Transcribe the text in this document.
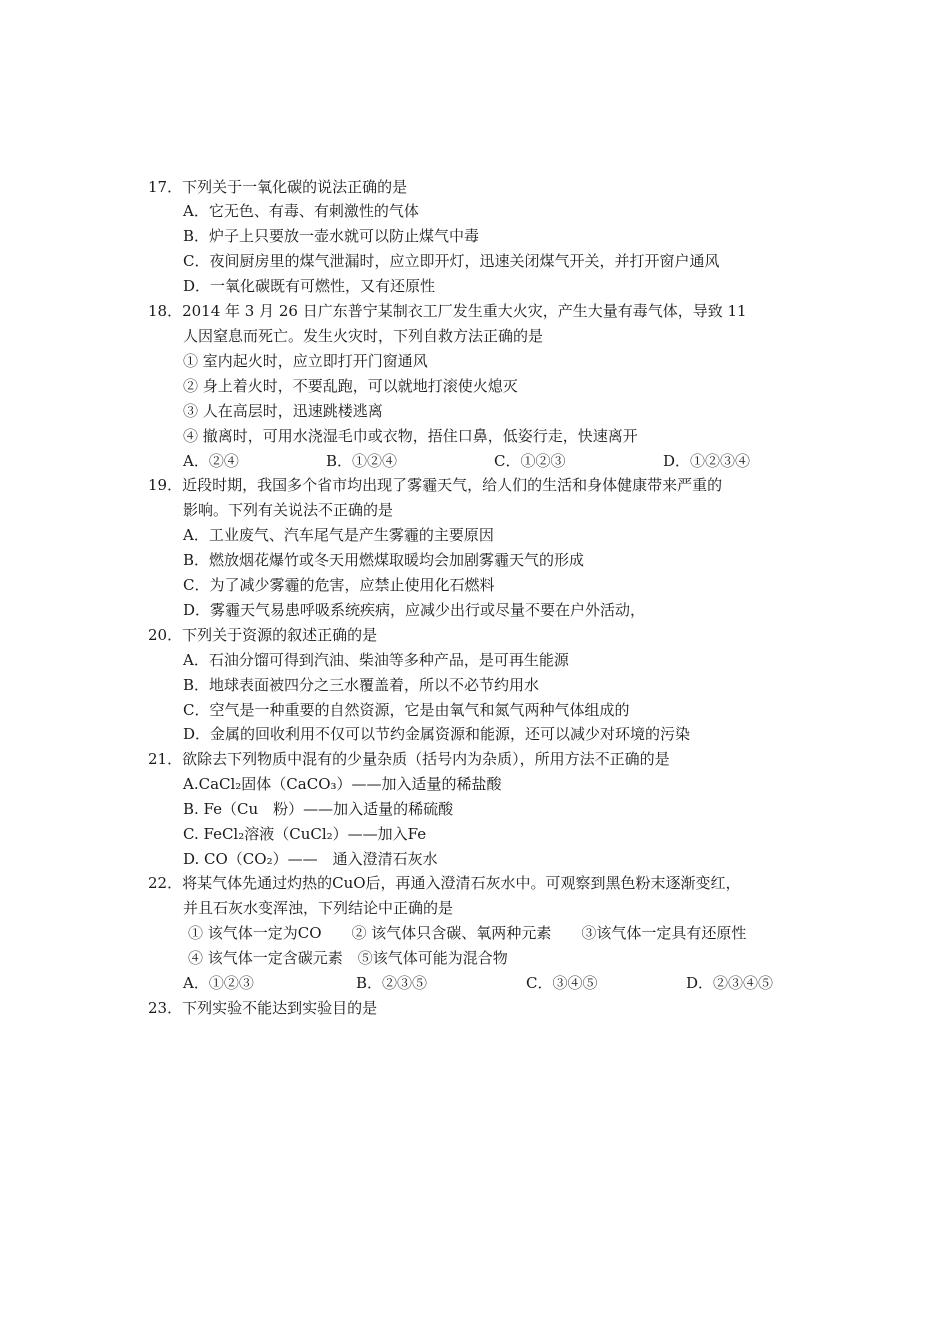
17．下列关于一氧化碳的说法正确的是
A．它无色、有毒、有刺激性的气体
B．炉子上只要放一壶水就可以防止煤气中毒
C．夜间厨房里的煤气泄漏时，应立即开灯，迅速关闭煤气开关，并打开窗户通风
D．一氧化碳既有可燃性，又有还原性
18．2014 年 3 月 26 日广东普宁某制衣工厂发生重大火灾，产生大量有毒气体，导致 11
人因窒息而死亡。发生火灾时，下列自救方法正确的是
① 室内起火时，应立即打开门窗通风
② 身上着火时，不要乱跑，可以就地打滚使火熄灭
③ 人在高层时，迅速跳楼逃离
④ 撤离时，可用水浇湿毛巾或衣物，捂住口鼻，低姿行走，快速离开
A．②④	B．①②④	C．①②③	D．①②③④
19．近段时期，我国多个省市均出现了雾霾天气，给人们的生活和身体健康带来严重的
影响。下列有关说法不正确的是
A．工业废气、汽车尾气是产生雾霾的主要原因
B．燃放烟花爆竹或冬天用燃煤取暖均会加剧雾霾天气的形成
C．为了减少雾霾的危害，应禁止使用化石燃料
D．雾霾天气易患呼吸系统疾病，应减少出行或尽量不要在户外活动，
20．下列关于资源的叙述正确的是
A．石油分馏可得到汽油、柴油等多种产品，是可再生能源
B．地球表面被四分之三水覆盖着，所以不必节约用水
C．空气是一种重要的自然资源，它是由氧气和氮气两种气体组成的
D．金属的回收利用不仅可以节约金属资源和能源，还可以减少对环境的污染
21．欲除去下列物质中混有的少量杂质（括号内为杂质），所用方法不正确的是
A.CaCl₂固体（CaCO₃）——加入适量的稀盐酸
B. Fe（Cu　粉）——加入适量的稀硫酸
C. FeCl₂溶液（CuCl₂）——加入Fe
D. CO（CO₂）——　通入澄清石灰水
22．将某气体先通过灼热的CuO后，再通入澄清石灰水中。可观察到黑色粉末逐渐变红，
并且石灰水变浑浊，下列结论中正确的是
① 该气体一定为CO　　② 该气体只含碳、氧两种元素　　③该气体一定具有还原性
④ 该气体一定含碳元素　⑤该气体可能为混合物
A．①②③	B．②③⑤	C．③④⑤	D．②③④⑤
23．下列实验不能达到实验目的是
